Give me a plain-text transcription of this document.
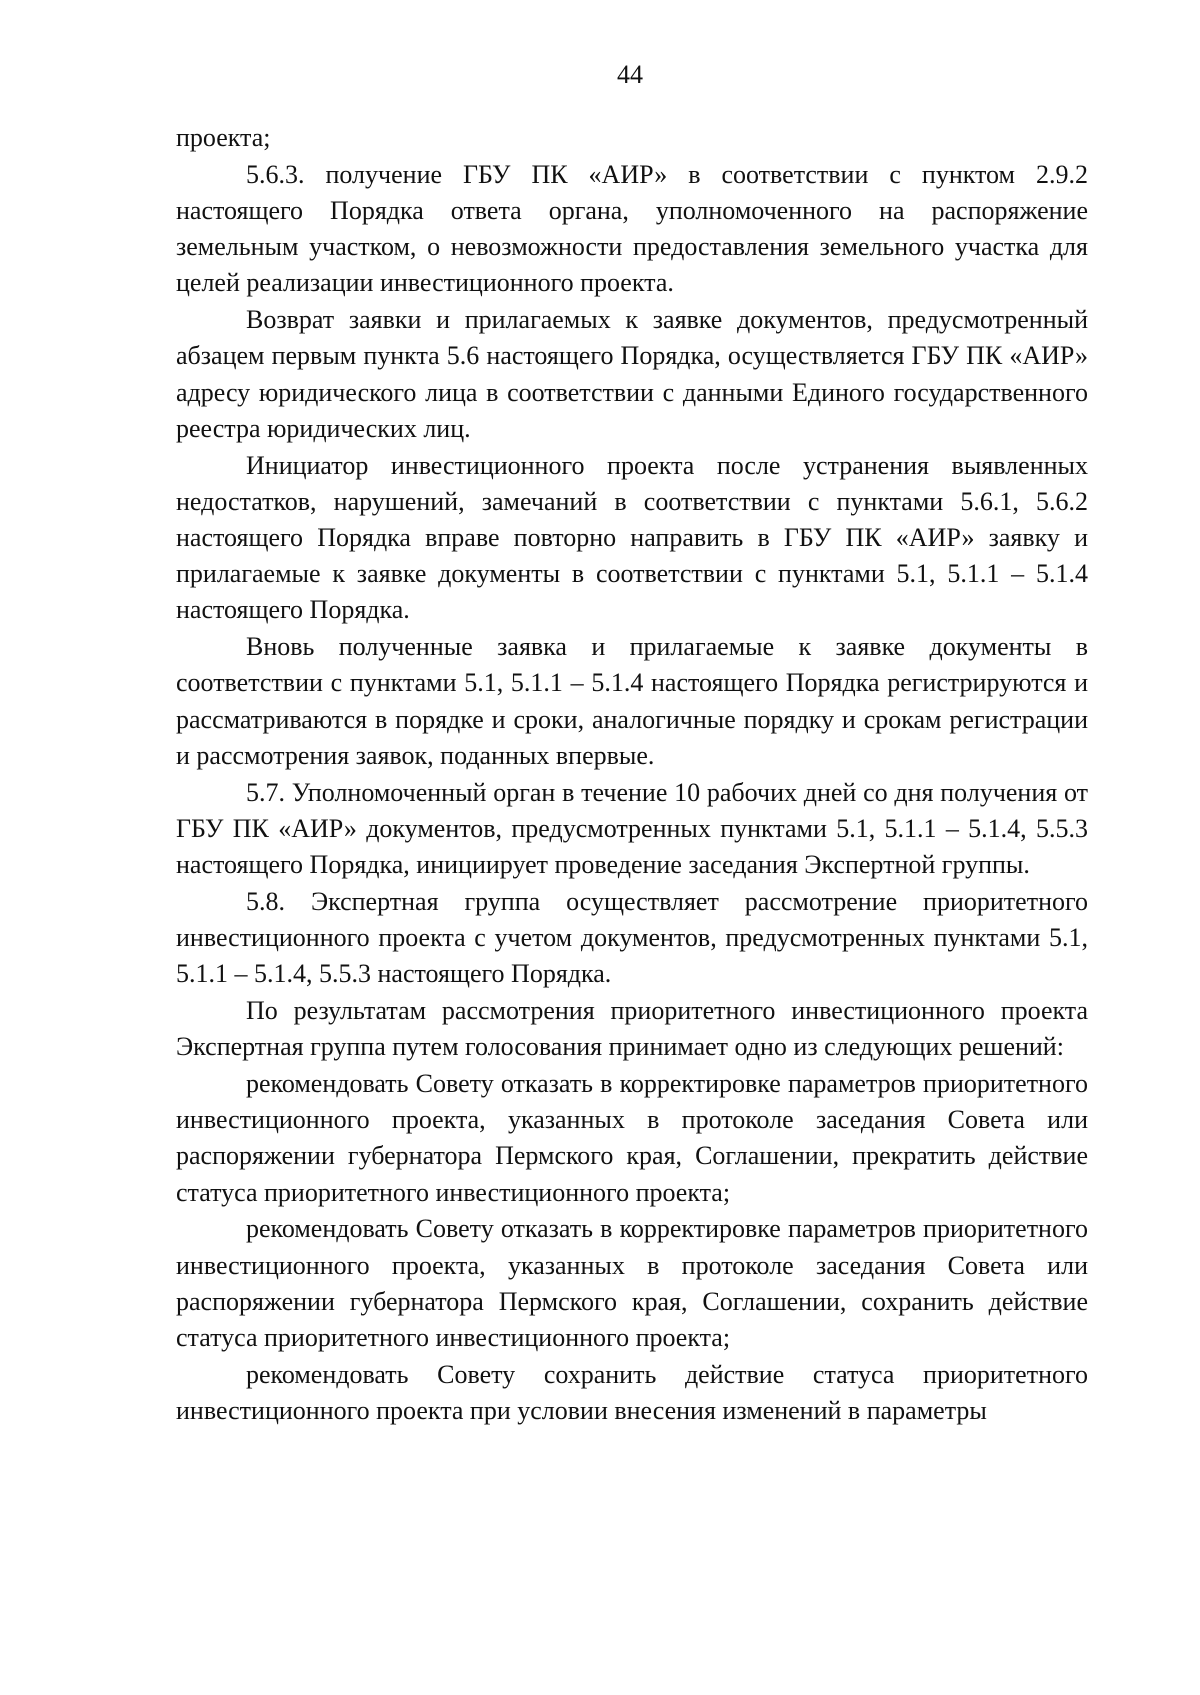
44

проекта;

5.6.3. получение ГБУ ПК «АИР» в соответствии с пунктом 2.9.2 настоящего Порядка ответа органа, уполномоченного на распоряжение земельным участком, о невозможности предоставления земельного участка для целей реализации инвестиционного проекта.

Возврат заявки и прилагаемых к заявке документов, предусмотренный абзацем первым пункта 5.6 настоящего Порядка, осуществляется ГБУ ПК «АИР» адресу юридического лица в соответствии с данными Единого государственного реестра юридических лиц.

Инициатор инвестиционного проекта после устранения выявленных недостатков, нарушений, замечаний в соответствии с пунктами 5.6.1, 5.6.2 настоящего Порядка вправе повторно направить в ГБУ ПК «АИР» заявку и прилагаемые к заявке документы в соответствии с пунктами 5.1, 5.1.1 – 5.1.4 настоящего Порядка.

Вновь полученные заявка и прилагаемые к заявке документы в соответствии с пунктами 5.1, 5.1.1 – 5.1.4 настоящего Порядка регистрируются и рассматриваются в порядке и сроки, аналогичные порядку и срокам регистрации и рассмотрения заявок, поданных впервые.

5.7. Уполномоченный орган в течение 10 рабочих дней со дня получения от ГБУ ПК «АИР» документов, предусмотренных пунктами 5.1, 5.1.1 – 5.1.4, 5.5.3 настоящего Порядка, инициирует проведение заседания Экспертной группы.

5.8. Экспертная группа осуществляет рассмотрение приоритетного инвестиционного проекта с учетом документов, предусмотренных пунктами 5.1, 5.1.1 – 5.1.4, 5.5.3 настоящего Порядка.

По результатам рассмотрения приоритетного инвестиционного проекта Экспертная группа путем голосования принимает одно из следующих решений:

рекомендовать Совету отказать в корректировке параметров приоритетного инвестиционного проекта, указанных в протоколе заседания Совета или распоряжении губернатора Пермского края, Соглашении, прекратить действие статуса приоритетного инвестиционного проекта;

рекомендовать Совету отказать в корректировке параметров приоритетного инвестиционного проекта, указанных в протоколе заседания Совета или распоряжении губернатора Пермского края, Соглашении, сохранить действие статуса приоритетного инвестиционного проекта;

рекомендовать Совету сохранить действие статуса приоритетного инвестиционного проекта при условии внесения изменений в параметры
